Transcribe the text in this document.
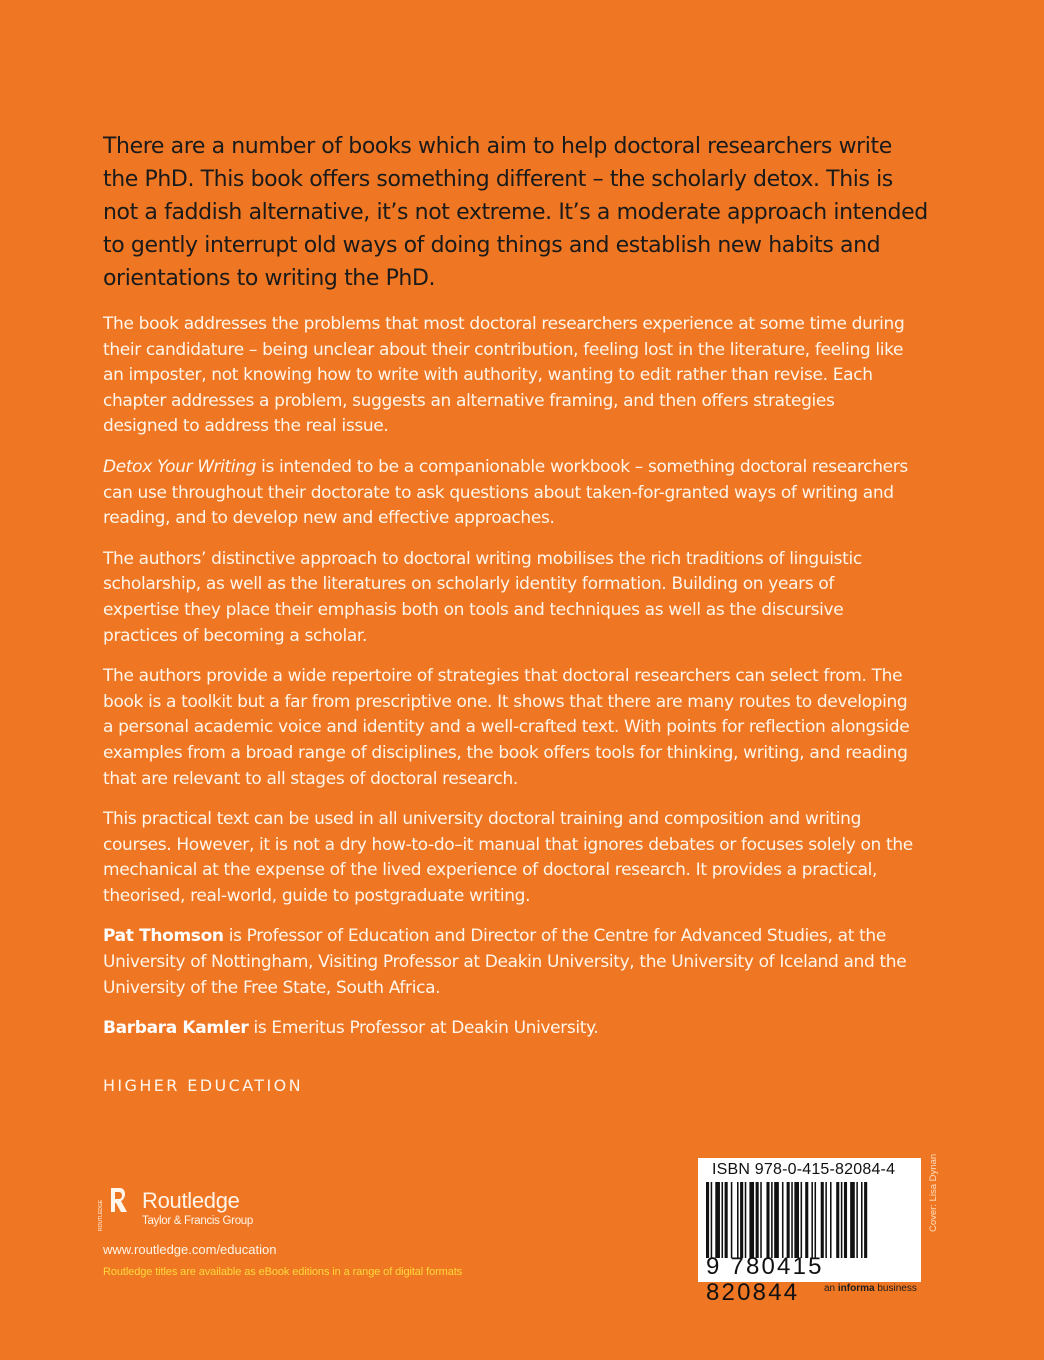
There are a number of books which aim to help doctoral researchers write the PhD. This book offers something different – the scholarly detox. This is not a faddish alternative, it’s not extreme. It’s a moderate approach intended to gently interrupt old ways of doing things and establish new habits and orientations to writing the PhD.

The book addresses the problems that most doctoral researchers experience at some time during their candidature – being unclear about their contribution, feeling lost in the literature, feeling like an imposter, not knowing how to write with authority, wanting to edit rather than revise. Each chapter addresses a problem, suggests an alternative framing, and then offers strategies designed to address the real issue.

Detox Your Writing is intended to be a companionable workbook – something doctoral researchers can use throughout their doctorate to ask questions about taken-for-granted ways of writing and reading, and to develop new and effective approaches.

The authors’ distinctive approach to doctoral writing mobilises the rich traditions of linguistic scholarship, as well as the literatures on scholarly identity formation. Building on years of expertise they place their emphasis both on tools and techniques as well as the discursive practices of becoming a scholar.

The authors provide a wide repertoire of strategies that doctoral researchers can select from. The book is a toolkit but a far from prescriptive one. It shows that there are many routes to developing a personal academic voice and identity and a well-crafted text. With points for reflection alongside examples from a broad range of disciplines, the book offers tools for thinking, writing, and reading that are relevant to all stages of doctoral research.

This practical text can be used in all university doctoral training and composition and writing courses. However, it is not a dry how-to-do–it manual that ignores debates or focuses solely on the mechanical at the expense of the lived experience of doctoral research. It provides a practical, theorised, real-world, guide to postgraduate writing.

Pat Thomson is Professor of Education and Director of the Centre for Advanced Studies, at the University of Nottingham, Visiting Professor at Deakin University, the University of Iceland and the University of the Free State, South Africa.

Barbara Kamler is Emeritus Professor at Deakin University.

HIGHER EDUCATION
ROUTLEDGE Routledge
Taylor & Francis Group
www.routledge.com/education
Routledge titles are available as eBook editions in a range of digital formats
ISBN 978-0-415-82084-4
9 780415 820844	an informa business
Cover: Lisa Dynan
